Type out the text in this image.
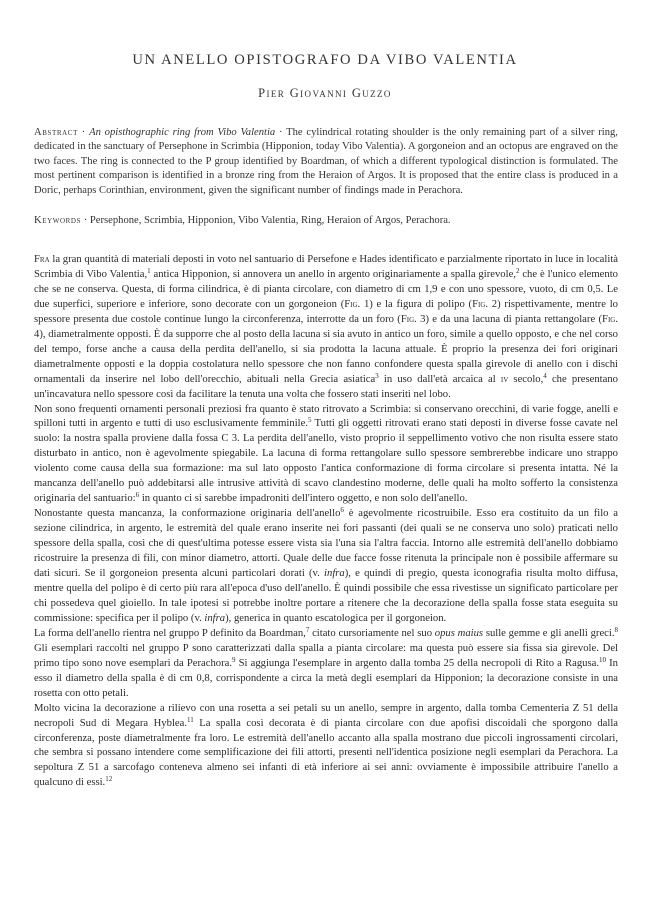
UN ANELLO OPISTOGRAFO DA VIBO VALENTIA
Pier Giovanni Guzzo
Abstract · An opisthographic ring from Vibo Valentia · The cylindrical rotating shoulder is the only remaining part of a silver ring, dedicated in the sanctuary of Persephone in Scrimbia (Hipponion, today Vibo Valentia). A gorgoneion and an octopus are engraved on the two faces. The ring is connected to the P group identified by Boardman, of which a different typological distinction is formulated. The most pertinent comparison is identified in a bronze ring from the Heraion of Argos. It is proposed that the entire class is produced in a Doric, perhaps Corinthian, environment, given the significant number of findings made in Perachora.
Keywords · Persephone, Scrimbia, Hipponion, Vibo Valentia, Ring, Heraion of Argos, Perachora.

Fra la gran quantità di materiali deposti in voto nel santuario di Persefone e Hades identificato e parzialmente riportato in luce in località Scrimbia di Vibo Valentia,$^1$ antica Hipponion, si annovera un anello in argento originariamente a spalla girevole,$^2$ che è l'unico elemento che se ne conserva. Questa, di forma cilindrica, è di pianta circolare, con diametro di cm 1,9 e con uno spessore, vuoto, di cm 0,5. Le due superfici, superiore e inferiore, sono decorate con un gorgoneion (Fig. 1) e la figura di polipo (Fig. 2) rispettivamente, mentre lo spessore presenta due costole continue lungo la circonferenza, interrotte da un foro (Fig. 3) e da una lacuna di pianta rettangolare (Fig. 4), diametralmente opposti. È da supporre che al posto della lacuna si sia avuto in antico un foro, simile a quello opposto, e che nel corso del tempo, forse anche a causa della perdita dell'anello, si sia prodotta la lacuna attuale. È proprio la presenza dei fori originari diametralmente opposti e la doppia costolatura nello spessore che non fanno confondere questa spalla girevole di anello con i dischi ornamentali da inserire nel lobo dell'orecchio, abituali nella Grecia asiatica$^3$ in uso dall'età arcaica al iv secolo,$^4$ che presentano un'incavatura nello spessore così da facilitare la tenuta una volta che fossero stati inseriti nel lobo.

Non sono frequenti ornamenti personali preziosi fra quanto è stato ritrovato a Scrimbia: si conservano orecchini, di varie fogge, anelli e spilloni tutti in argento e tutti di uso esclusivamente femminile.$^5$ Tutti gli oggetti ritrovati erano stati deposti in diverse fosse cavate nel suolo: la nostra spalla proviene dalla fossa C 3. La perdita dell'anello, visto proprio il seppellimento votivo che non risulta essere stato disturbato in antico, non è agevolmente spiegabile. La lacuna di forma rettangolare sullo spessore sembrerebbe indicare uno strappo violento come causa della sua formazione: ma sul lato opposto l'antica conformazione di forma circolare si presenta intatta. Né la mancanza dell'anello può addebitarsi alle intrusive attività di scavo clandestino moderne, delle quali ha molto sofferto la consistenza originaria del santuario:$^6$ in quanto ci si sarebbe impadroniti dell'intero oggetto, e non solo dell'anello.

Nonostante questa mancanza, la conformazione originaria dell'anello$^6$ è agevolmente ricostruibile. Esso era costituito da un filo a sezione cilindrica, in argento, le estremità del quale erano inserite nei fori passanti (dei quali se ne conserva uno solo) praticati nello spessore della spalla, così che di quest'ultima potesse essere vista sia l'una sia l'altra faccia. Intorno alle estremità dell'anello dobbiamo ricostruire la presenza di fili, con minor diametro, attorti. Quale delle due facce fosse ritenuta la principale non è possibile affermare su dati sicuri. Se il gorgoneion presenta alcuni particolari dorati (v. infra), e quindi di pregio, questa iconografia risulta molto diffusa, mentre quella del polipo è di certo più rara all'epoca d'uso dell'anello. È quindi possibile che essa rivestisse un significato particolare per chi possedeva quel gioiello. In tale ipotesi si potrebbe inoltre portare a ritenere che la decorazione della spalla fosse stata eseguita su commissione: specifica per il polipo (v. infra), generica in quanto escatologica per il gorgoneion.

La forma dell'anello rientra nel gruppo P definito da Boardman,$^7$ citato cursoriamente nel suo opus maius sulle gemme e gli anelli greci.$^8$ Gli esemplari raccolti nel gruppo P sono caratterizzati dalla spalla a pianta circolare: ma questa può essere sia fissa sia girevole. Del primo tipo sono nove esemplari da Perachora.$^9$ Si aggiunga l'esemplare in argento dalla tomba 25 della necropoli di Rito a Ragusa.$^{10}$ In esso il diametro della spalla è di cm 0,8, corrispondente a circa la metà degli esemplari da Hipponion; la decorazione consiste in una rosetta con otto petali.

Molto vicina la decorazione a rilievo con una rosetta a sei petali su un anello, sempre in argento, dalla tomba Cementeria Z 51 della necropoli Sud di Megara Hyblea.$^{11}$ La spalla così decorata è di pianta circolare con due apofisi discoidali che sporgono dalla circonferenza, poste diametralmente fra loro. Le estremità dell'anello accanto alla spalla mostrano due piccoli ingrossamenti circolari, che sembra si possano intendere come semplificazione dei fili attorti, presenti nell'identica posizione negli esemplari da Perachora. La sepoltura Z 51 a sarcofago conteneva almeno sei infanti di età inferiore ai sei anni: ovviamente è impossibile attribuire l'anello a qualcuno di essi.$^{12}$
